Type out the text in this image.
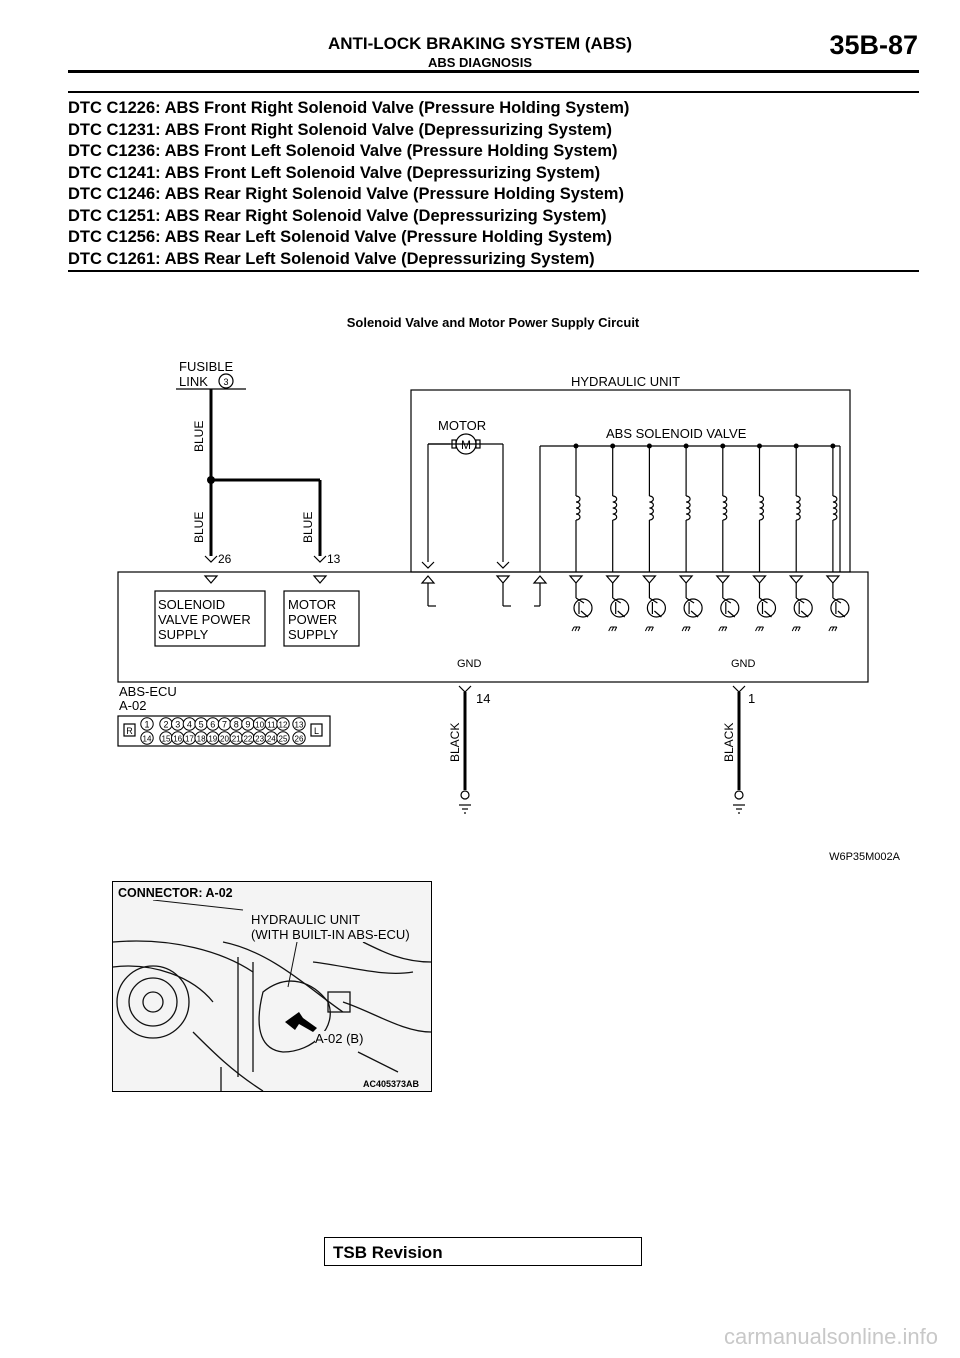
ANTI-LOCK BRAKING SYSTEM (ABS)
ABS DIAGNOSIS
35B-87
DTC C1226: ABS Front Right Solenoid Valve (Pressure Holding System)
DTC C1231: ABS Front Right Solenoid Valve (Depressurizing System)
DTC C1236: ABS Front Left Solenoid Valve (Pressure Holding System)
DTC C1241: ABS Front Left Solenoid Valve (Depressurizing System)
DTC C1246: ABS Rear Right Solenoid Valve (Pressure Holding System)
DTC C1251: ABS Rear Right Solenoid Valve (Depressurizing System)
DTC C1256: ABS Rear Left Solenoid Valve (Pressure Holding System)
DTC C1261: ABS Rear Left Solenoid Valve (Depressurizing System)
Solenoid Valve and Motor Power Supply Circuit
FUSIBLE
LINK 3	HYDRAULIC UNIT
MOTOR
M
ABS SOLENOID VALVE
BLUE
BLUE	BLUE
26	13
SOLENOID
VALVE POWER
SUPPLY
MOTOR
POWER
SUPPLY
GND	GND
14	1
BLACK	BLACK
ABS-ECU
A-02
R	L
1 2 3 4 5 6 7 8 9 10 11 12 13
14 15 16 17 18 19 20 21 22 23 24 25 26
W6P35M002A
CONNECTOR: A-02
HYDRAULIC UNIT
(WITH BUILT-IN ABS-ECU)
A-02 (B)
AC405373AB
TSB Revision
carmanualsonline.info
